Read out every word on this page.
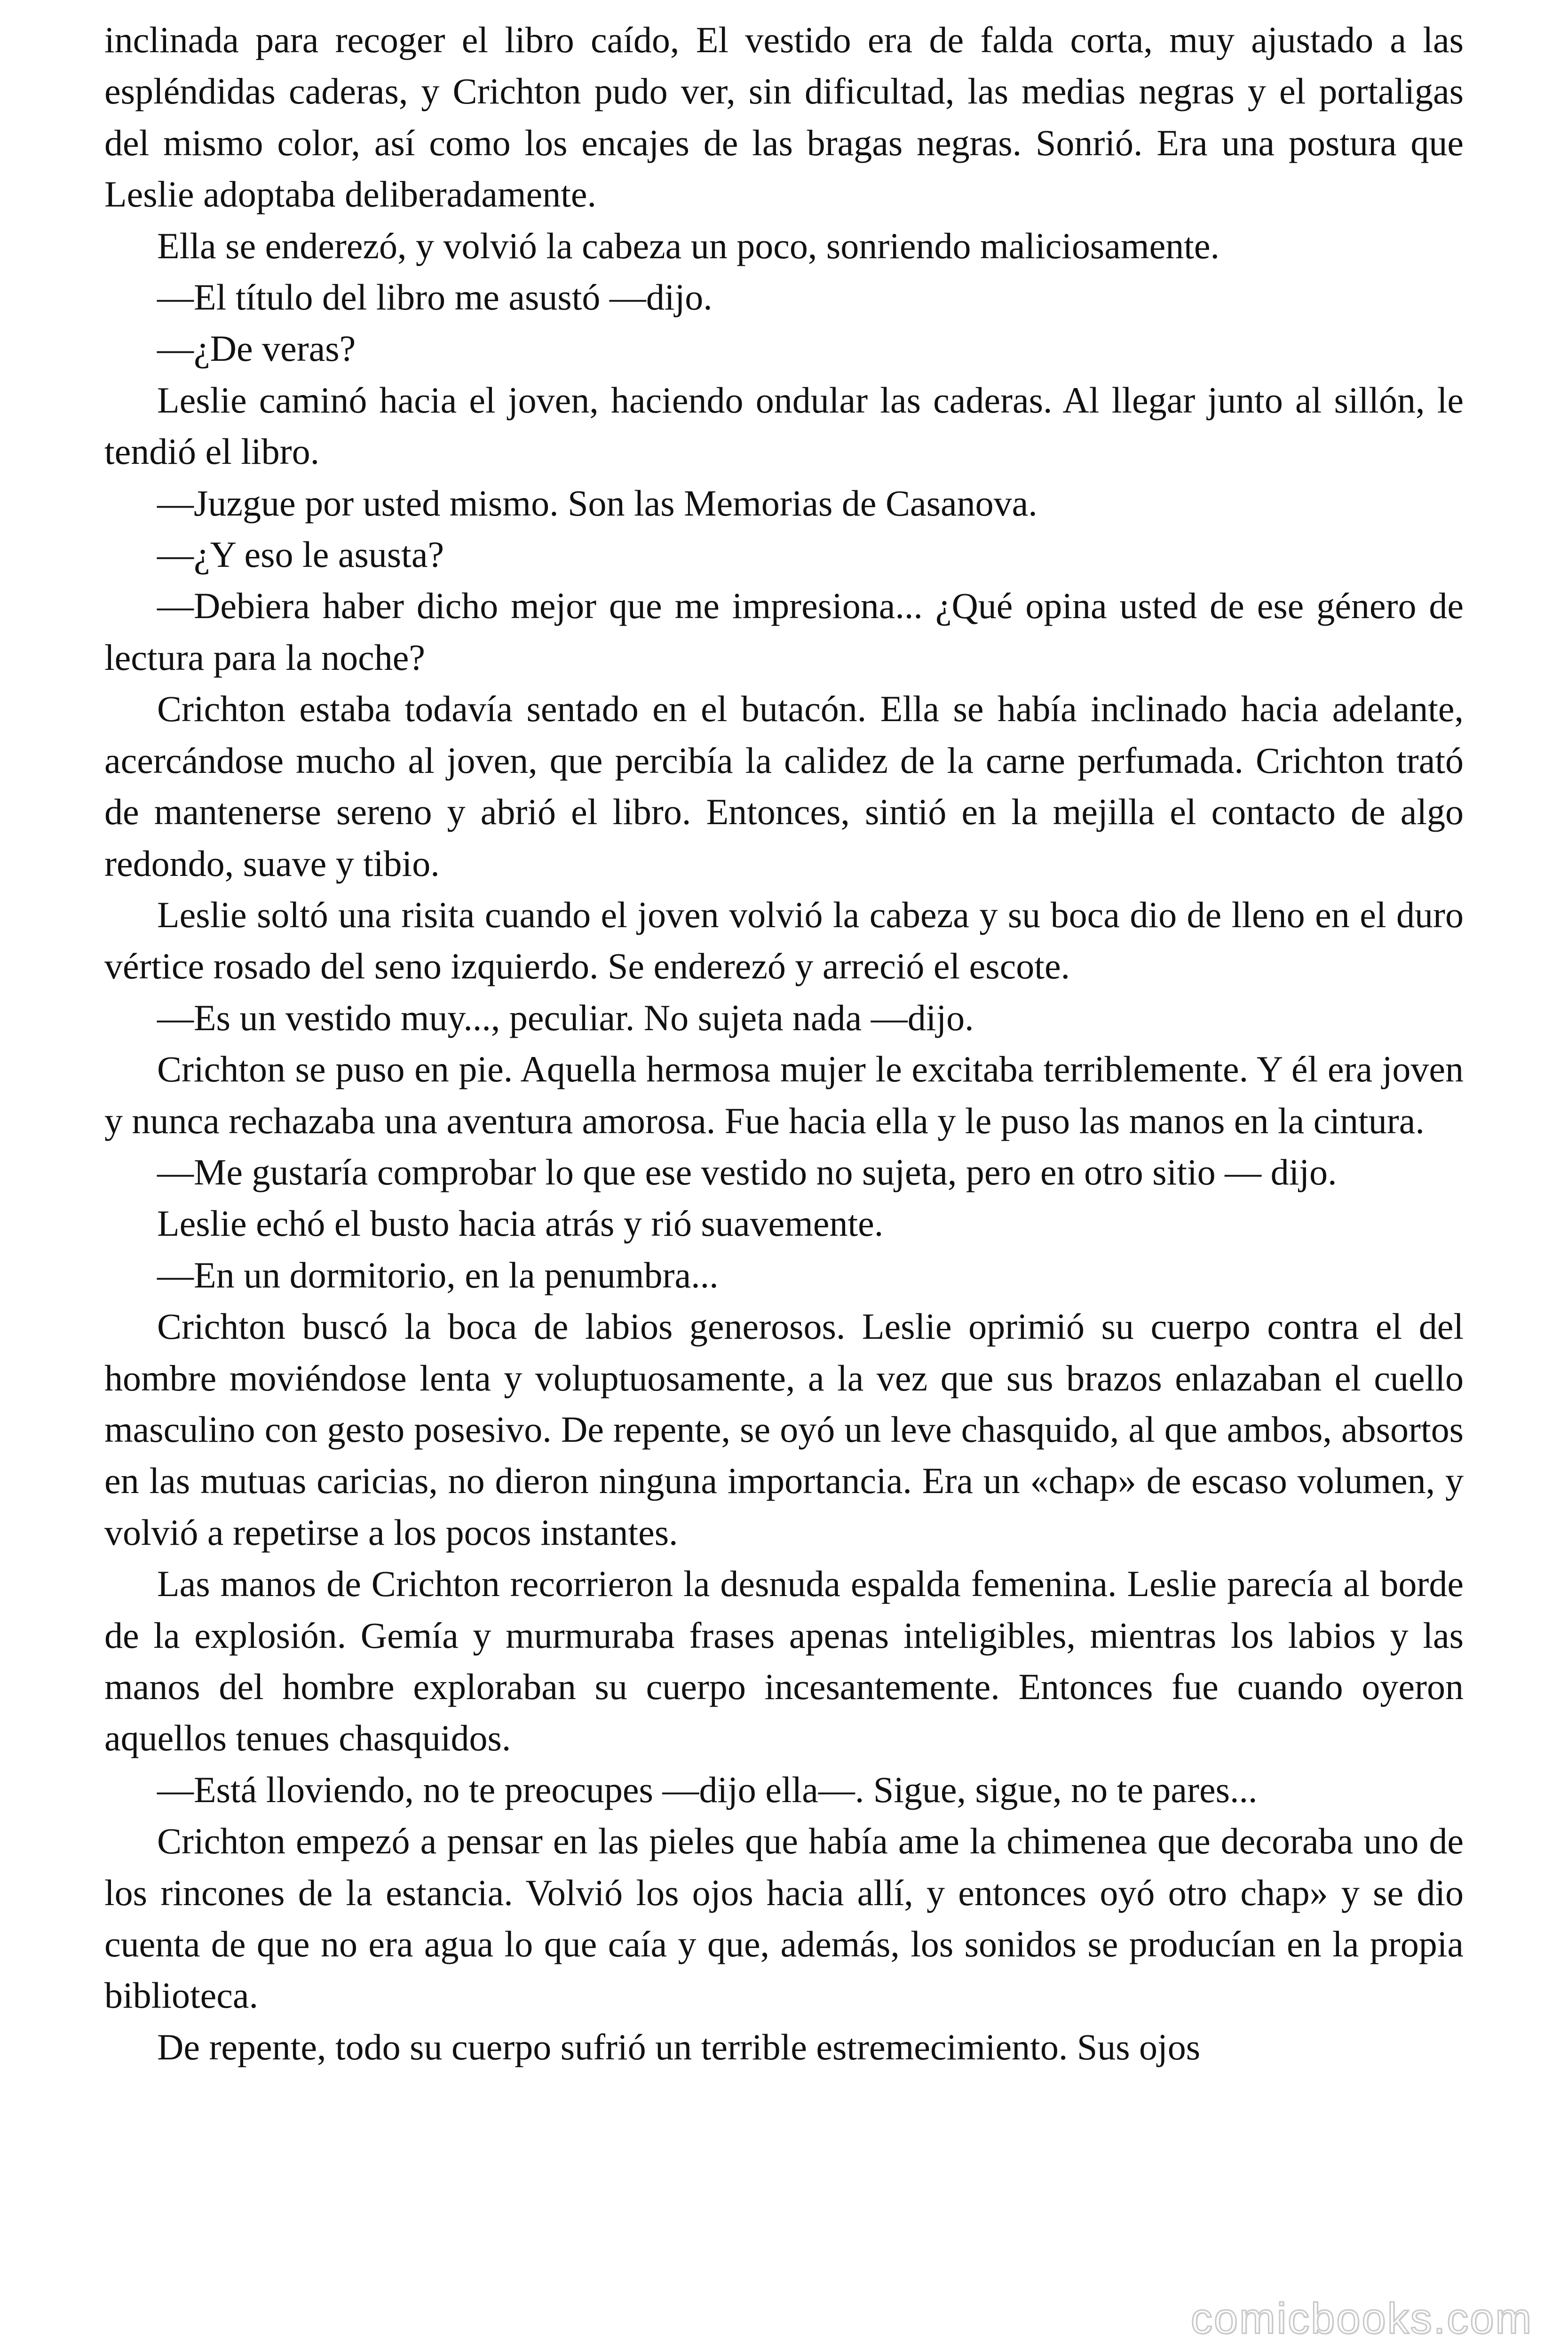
inclinada para recoger el libro caído, El vestido era de falda corta, muy ajustado a las espléndidas caderas, y Crichton pudo ver, sin dificultad, las medias negras y el portaligas del mismo color, así como los encajes de las bragas negras. Sonrió. Era una postura que Leslie adoptaba deliberadamente.

Ella se enderezó, y volvió la cabeza un poco, sonriendo maliciosamente.

—El título del libro me asustó —dijo.

—¿De veras?

Leslie caminó hacia el joven, haciendo ondular las caderas. Al llegar junto al sillón, le tendió el libro.

—Juzgue por usted mismo. Son las Memorias de Casanova.

—¿Y eso le asusta?

—Debiera haber dicho mejor que me impresiona... ¿Qué opina usted de ese género de lectura para la noche?

Crichton estaba todavía sentado en el butacón. Ella se había inclinado hacia adelante, acercándose mucho al joven, que percibía la calidez de la carne perfumada. Crichton trató de mantenerse sereno y abrió el libro. Entonces, sintió en la mejilla el contacto de algo redondo, suave y tibio.

Leslie soltó una risita cuando el joven volvió la cabeza y su boca dio de lleno en el duro vértice rosado del seno izquierdo. Se enderezó y arreció el escote.

—Es un vestido muy..., peculiar. No sujeta nada —dijo.

Crichton se puso en pie. Aquella hermosa mujer le excitaba terriblemente. Y él era joven y nunca rechazaba una aventura amorosa. Fue hacia ella y le puso las manos en la cintura.

—Me gustaría comprobar lo que ese vestido no sujeta, pero en otro sitio — dijo.

Leslie echó el busto hacia atrás y rió suavemente.

—En un dormitorio, en la penumbra...

Crichton buscó la boca de labios generosos. Leslie oprimió su cuerpo contra el del hombre moviéndose lenta y voluptuosamente, a la vez que sus brazos enlazaban el cuello masculino con gesto posesivo. De repente, se oyó un leve chasquido, al que ambos, absortos en las mutuas caricias, no dieron ninguna importancia. Era un «chap» de escaso volumen, y volvió a repetirse a los pocos instantes.

Las manos de Crichton recorrieron la desnuda espalda femenina. Leslie parecía al borde de la explosión. Gemía y murmuraba frases apenas inteligibles, mientras los labios y las manos del hombre exploraban su cuerpo incesantemente. Entonces fue cuando oyeron aquellos tenues chasquidos.

—Está lloviendo, no te preocupes —dijo ella—. Sigue, sigue, no te pares...

Crichton empezó a pensar en las pieles que había ame la chimenea que decoraba uno de los rincones de la estancia. Volvió los ojos hacia allí, y entonces oyó otro chap» y se dio cuenta de que no era agua lo que caía y que, además, los sonidos se producían en la propia biblioteca.

De repente, todo su cuerpo sufrió un terrible estremecimiento. Sus ojos

comicbooks.com
